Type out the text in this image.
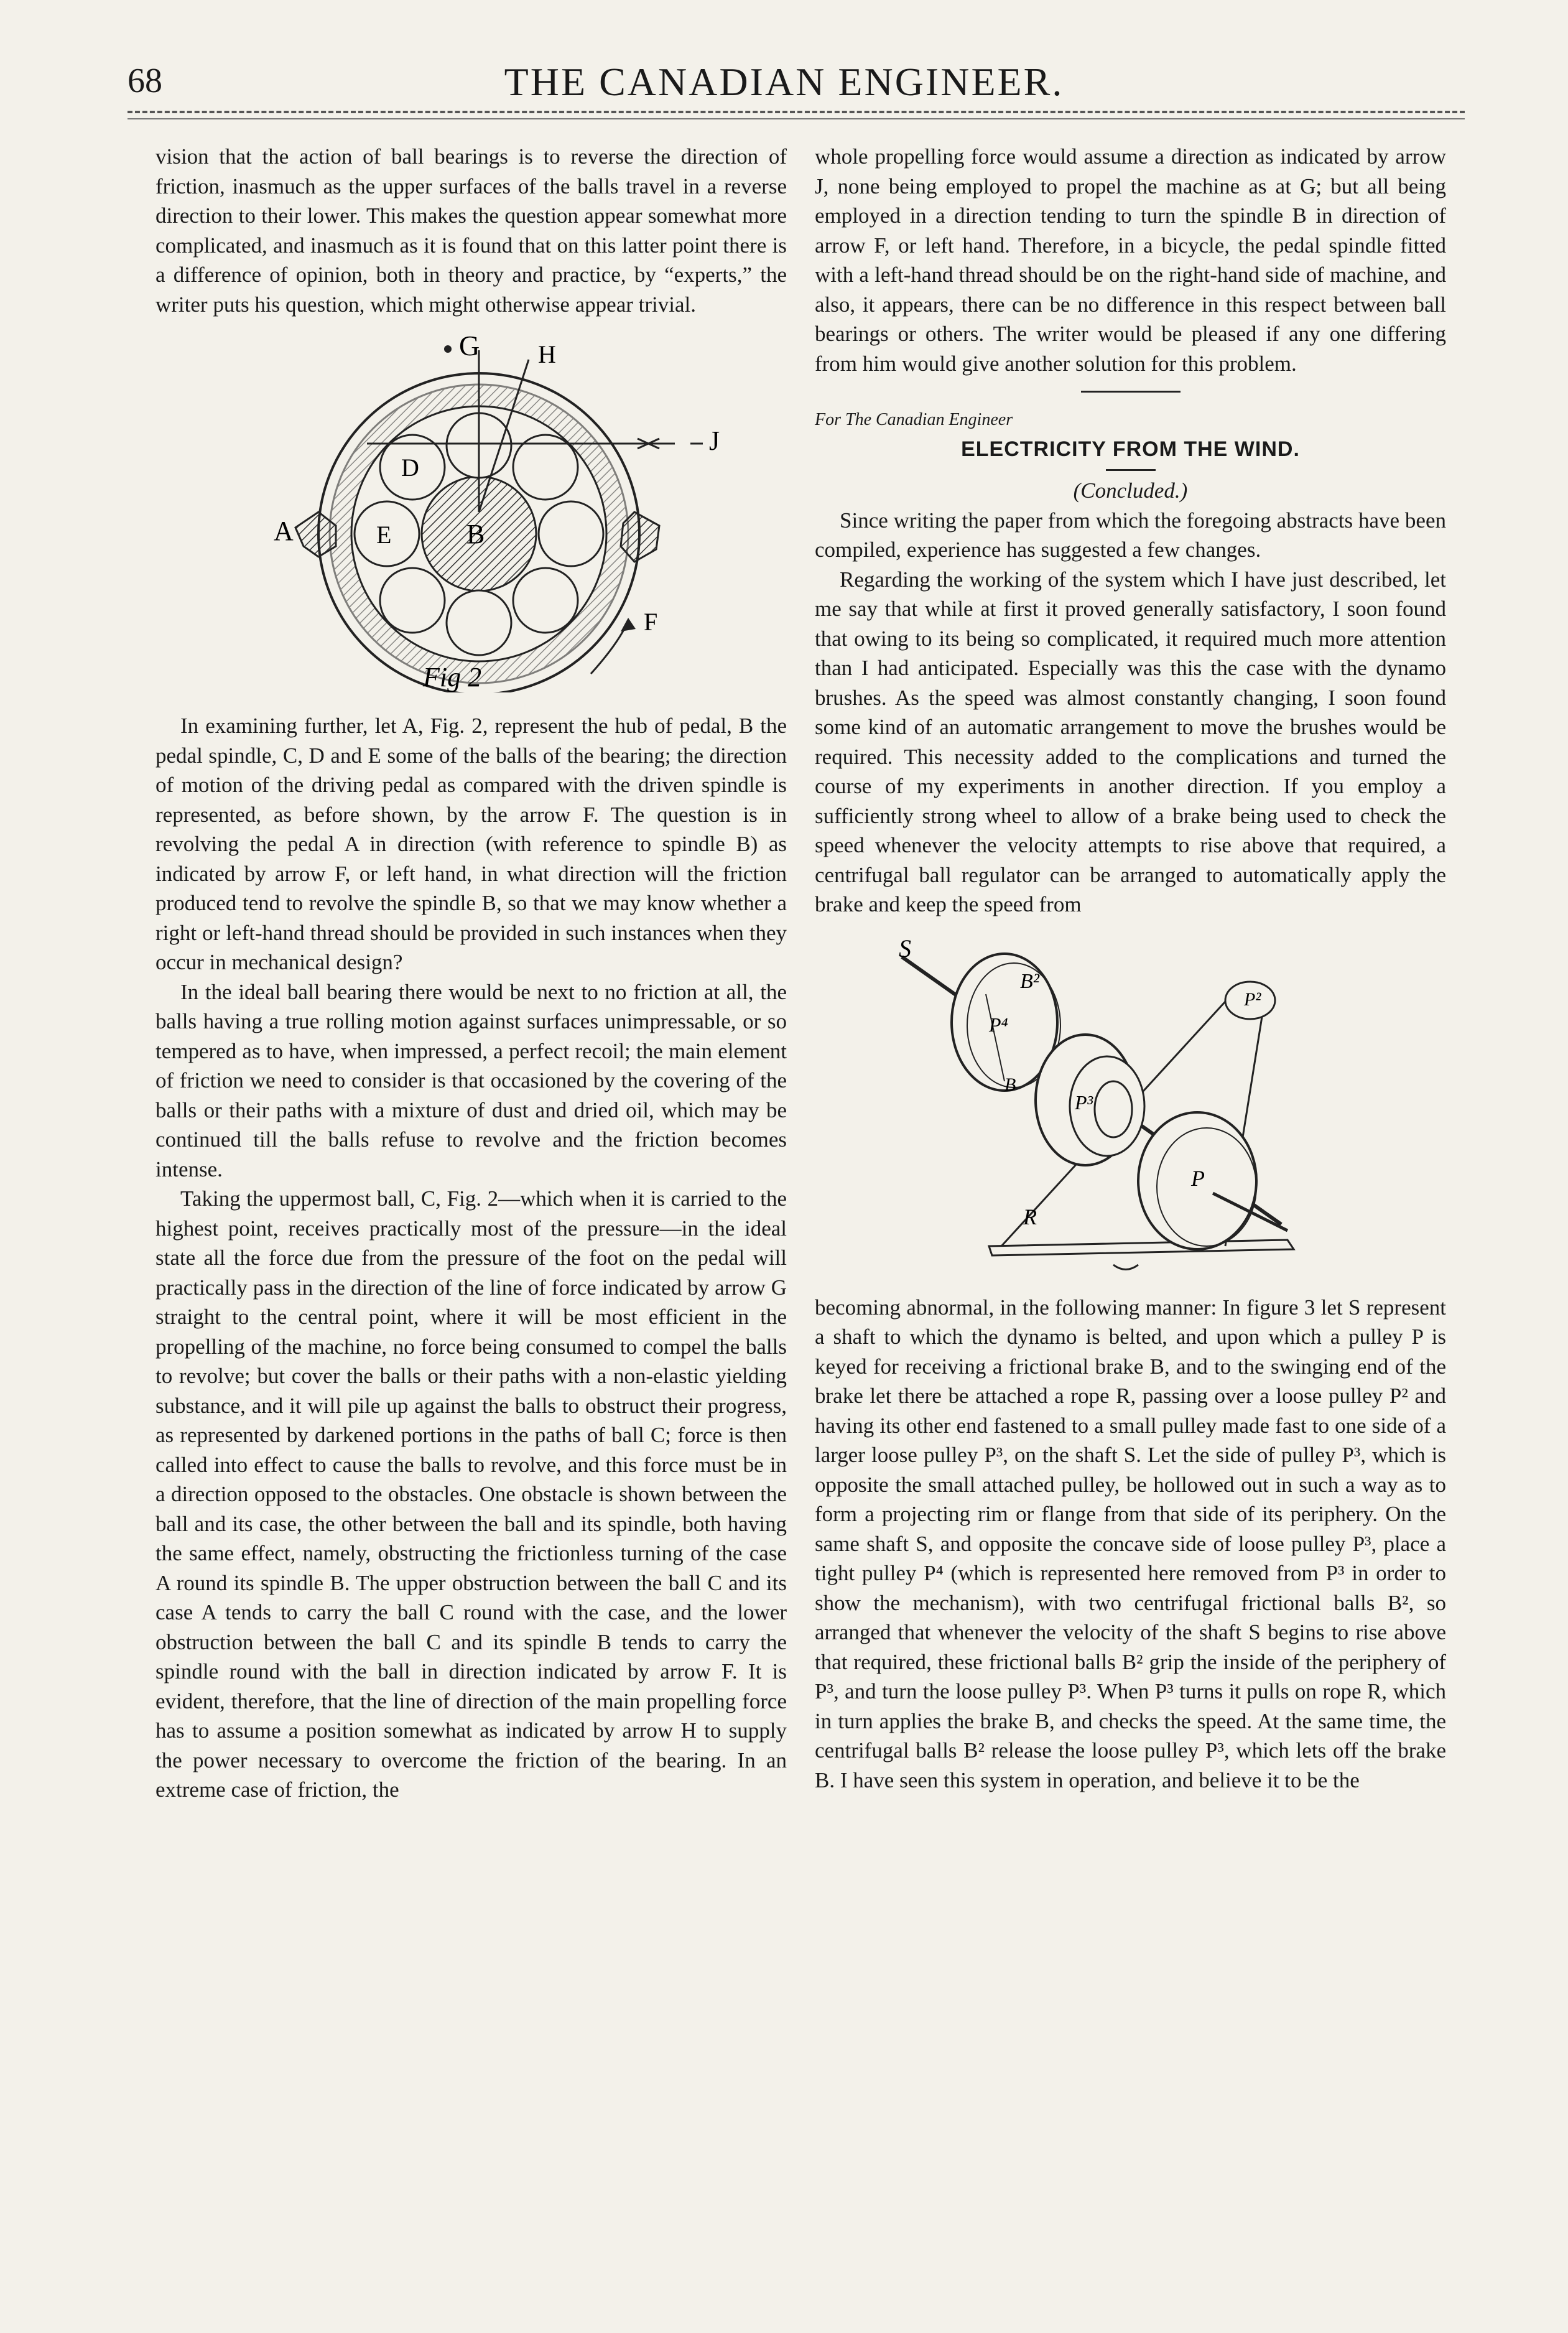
68	THE CANADIAN ENGINEER.

vision that the action of ball bearings is to reverse the direction of friction, inasmuch as the upper surfaces of the balls travel in a reverse direction to their lower. This makes the question appear somewhat more complicated, and inasmuch as it is found that on this latter point there is a difference of opinion, both in theory and practice, by “experts,” the writer puts his question, which might otherwise appear trivial.

G H
J
A	B
D
E
F
Fig 2

In examining further, let A, Fig. 2, represent the hub of pedal, B the pedal spindle, C, D and E some of the balls of the bearing; the direction of motion of the driving pedal as compared with the driven spindle is represented, as before shown, by the arrow F. The question is in revolving the pedal A in direction (with reference to spindle B) as indicated by arrow F, or left hand, in what direction will the friction produced tend to revolve the spindle B, so that we may know whether a right or left-hand thread should be provided in such instances when they occur in mechanical design?

In the ideal ball bearing there would be next to no friction at all, the balls having a true rolling motion against surfaces unimpressable, or so tempered as to have, when impressed, a perfect recoil; the main element of friction we need to consider is that occasioned by the covering of the balls or their paths with a mixture of dust and dried oil, which may be continued till the balls refuse to revolve and the friction becomes intense.

Taking the uppermost ball, C, Fig. 2—which when it is carried to the highest point, receives practically most of the pressure—in the ideal state all the force due from the pressure of the foot on the pedal will practically pass in the direction of the line of force indicated by arrow G straight to the central point, where it will be most efficient in the propelling of the machine, no force being consumed to compel the balls to revolve; but cover the balls or their paths with a non-elastic yielding substance, and it will pile up against the balls to obstruct their progress, as represented by darkened portions in the paths of ball C; force is then called into effect to cause the balls to revolve, and this force must be in a direction opposed to the obstacles. One obstacle is shown between the ball and its case, the other between the ball and its spindle, both having the same effect, namely, obstructing the frictionless turning of the case A round its spindle B. The upper obstruction between the ball C and its case A tends to carry the ball C round with the case, and the lower obstruction between the ball C and its spindle B tends to carry the spindle round with the ball in direction indicated by arrow F. It is evident, therefore, that the line of direction of the main propelling force has to assume a position somewhat as indicated by arrow H to supply the power necessary to overcome the friction of the bearing. In an extreme case of friction, the

whole propelling force would assume a direction as indicated by arrow J, none being employed to propel the machine as at G; but all being employed in a direction tending to turn the spindle B in direction of arrow F, or left hand. Therefore, in a bicycle, the pedal spindle fitted with a left-hand thread should be on the right-hand side of machine, and also, it appears, there can be no difference in this respect between ball bearings or others. The writer would be pleased if any one differing from him would give another solution for this problem.

For The Canadian Engineer

ELECTRICITY FROM THE WIND.

(Concluded.)

Since writing the paper from which the foregoing abstracts have been compiled, experience has suggested a few changes.

Regarding the working of the system which I have just described, let me say that while at first it proved generally satisfactory, I soon found that owing to its being so complicated, it required much more attention than I had anticipated. Especially was this the case with the dynamo brushes. As the speed was almost constantly changing, I soon found some kind of an automatic arrangement to move the brushes would be required. This necessity added to the complications and turned the course of my experiments in another direction. If you employ a sufficiently strong wheel to allow of a brake being used to check the speed whenever the velocity attempts to rise above that required, a centrifugal ball regulator can be arranged to automatically apply the brake and keep the speed from

S
B²
P⁴
P³
P²
P
R
B

becoming abnormal, in the following manner: In figure 3 let S represent a shaft to which the dynamo is belted, and upon which a pulley P is keyed for receiving a frictional brake B, and to the swinging end of the brake let there be attached a rope R, passing over a loose pulley P² and having its other end fastened to a small pulley made fast to one side of a larger loose pulley P³, on the shaft S. Let the side of pulley P³, which is opposite the small attached pulley, be hollowed out in such a way as to form a projecting rim or flange from that side of its periphery. On the same shaft S, and opposite the concave side of loose pulley P³, place a tight pulley P⁴ (which is represented here removed from P³ in order to show the mechanism), with two centrifugal frictional balls B², so arranged that whenever the velocity of the shaft S begins to rise above that required, these frictional balls B² grip the inside of the periphery of P³, and turn the loose pulley P³. When P³ turns it pulls on rope R, which in turn applies the brake B, and checks the speed. At the same time, the centrifugal balls B² release the loose pulley P³, which lets off the brake B. I have seen this system in operation, and believe it to be the
